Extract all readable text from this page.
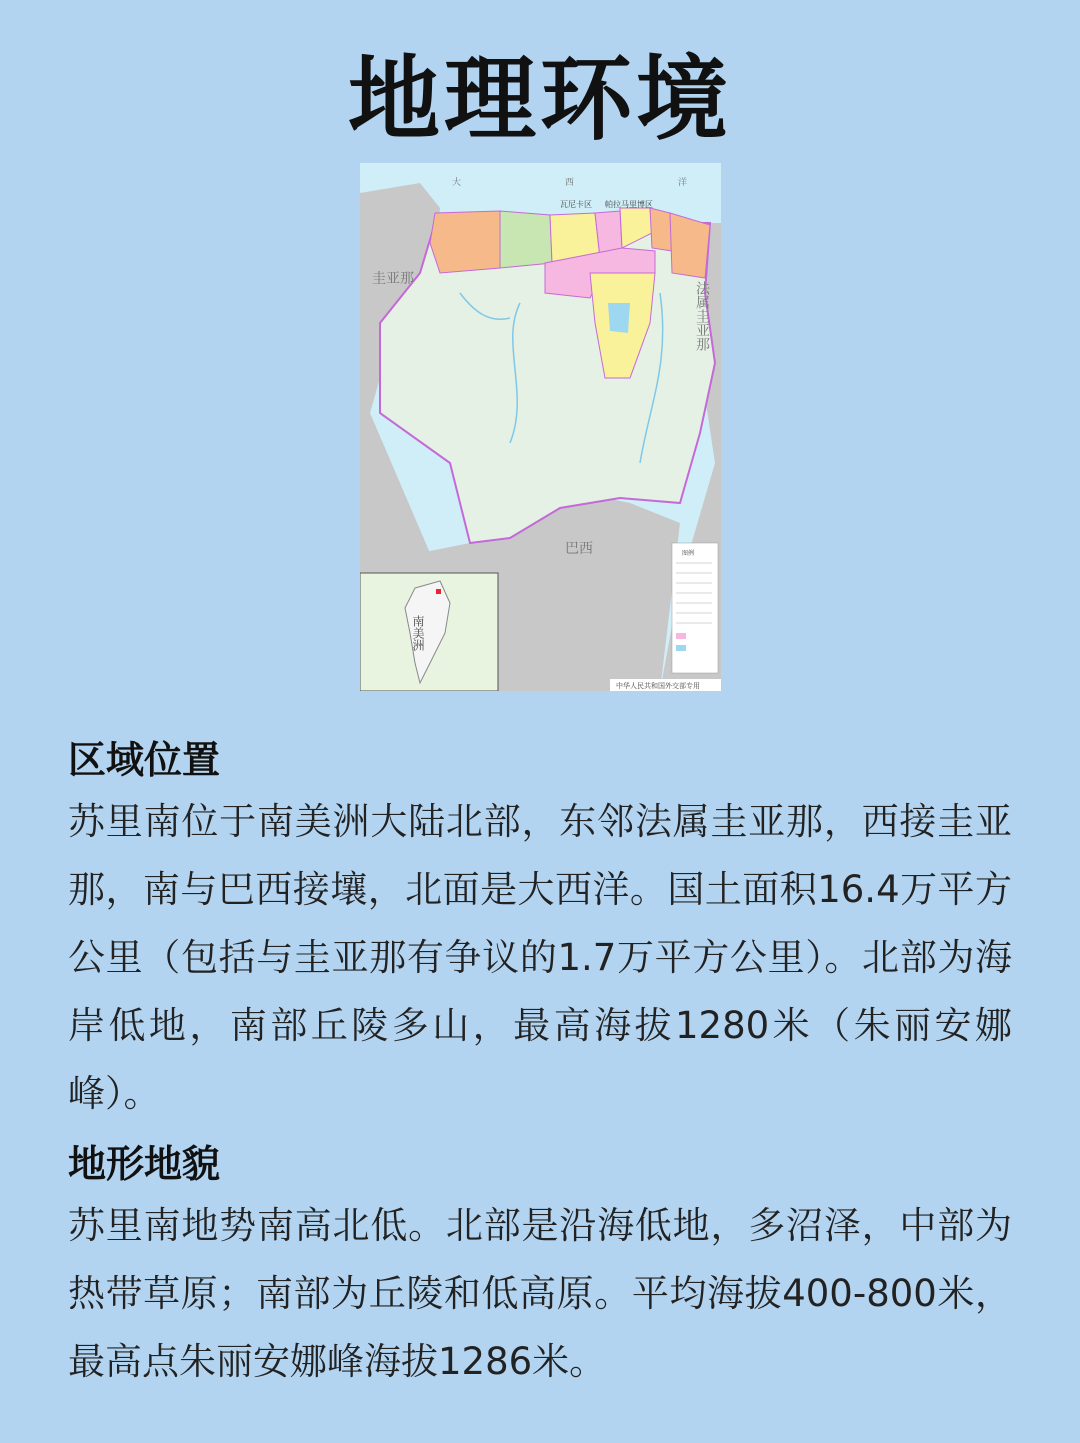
地理环境
大	西	洋
瓦尼卡区 帕拉马里博区
圭亚那
法属圭亚那
巴西
南美洲
图例
中华人民共和国外交部专用
区域位置

苏里南位于南美洲大陆北部，东邻法属圭亚那，西接圭亚那，南与巴西接壤，北面是大西洋。国土面积16.4万平方公里（包括与圭亚那有争议的1.7万平方公里）。北部为海岸低地，南部丘陵多山，最高海拔1280米（朱丽安娜峰）。

地形地貌

苏里南地势南高北低。北部是沿海低地，多沼泽，中部为热带草原；南部为丘陵和低高原。平均海拔400-800米，最高点朱丽安娜峰海拔1286米。
